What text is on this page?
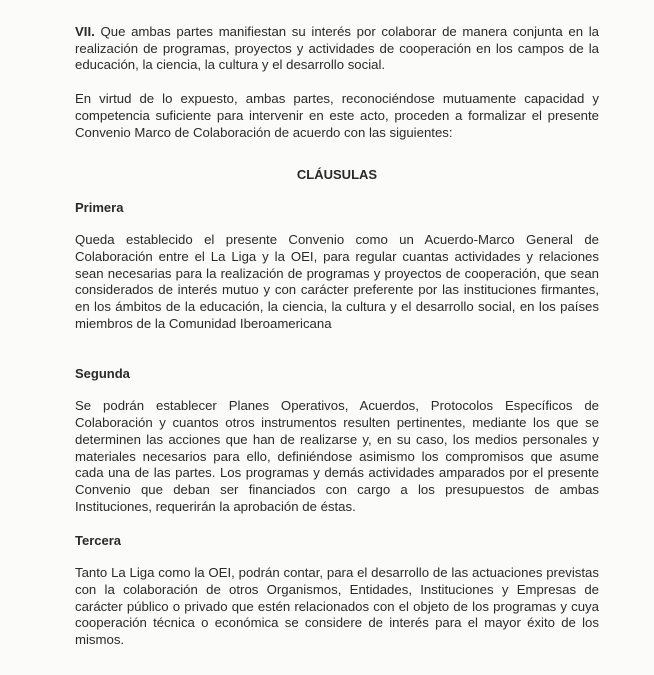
VII. Que ambas partes manifiestan su interés por colaborar de manera conjunta en la realización de programas, proyectos y actividades de cooperación en los campos de la educación, la ciencia, la cultura y el desarrollo social.

En virtud de lo expuesto, ambas partes, reconociéndose mutuamente capacidad y competencia suficiente para intervenir en este acto, proceden a formalizar el presente Convenio Marco de Colaboración de acuerdo con las siguientes:

CLÁUSULAS
Primera

Queda establecido el presente Convenio como un Acuerdo-Marco General de Colaboración entre el La Liga y la OEI, para regular cuantas actividades y relaciones sean necesarias para la realización de programas y proyectos de cooperación, que sean considerados de interés mutuo y con carácter preferente por las instituciones firmantes, en los ámbitos de la educación, la ciencia, la cultura y el desarrollo social, en los países miembros de la Comunidad Iberoamericana

Segunda

Se podrán establecer Planes Operativos, Acuerdos, Protocolos Específicos de Colaboración y cuantos otros instrumentos resulten pertinentes, mediante los que se determinen las acciones que han de realizarse y, en su caso, los medios personales y materiales necesarios para ello, definiéndose asimismo los compromisos que asume cada una de las partes. Los programas y demás actividades amparados por el presente Convenio que deban ser financiados con cargo a los presupuestos de ambas Instituciones, requerirán la aprobación de éstas.

Tercera

Tanto La Liga como la OEI, podrán contar, para el desarrollo de las actuaciones previstas con la colaboración de otros Organismos, Entidades, Instituciones y Empresas de carácter público o privado que estén relacionados con el objeto de los programas y cuya cooperación técnica o económica se considere de interés para el mayor éxito de los mismos.
